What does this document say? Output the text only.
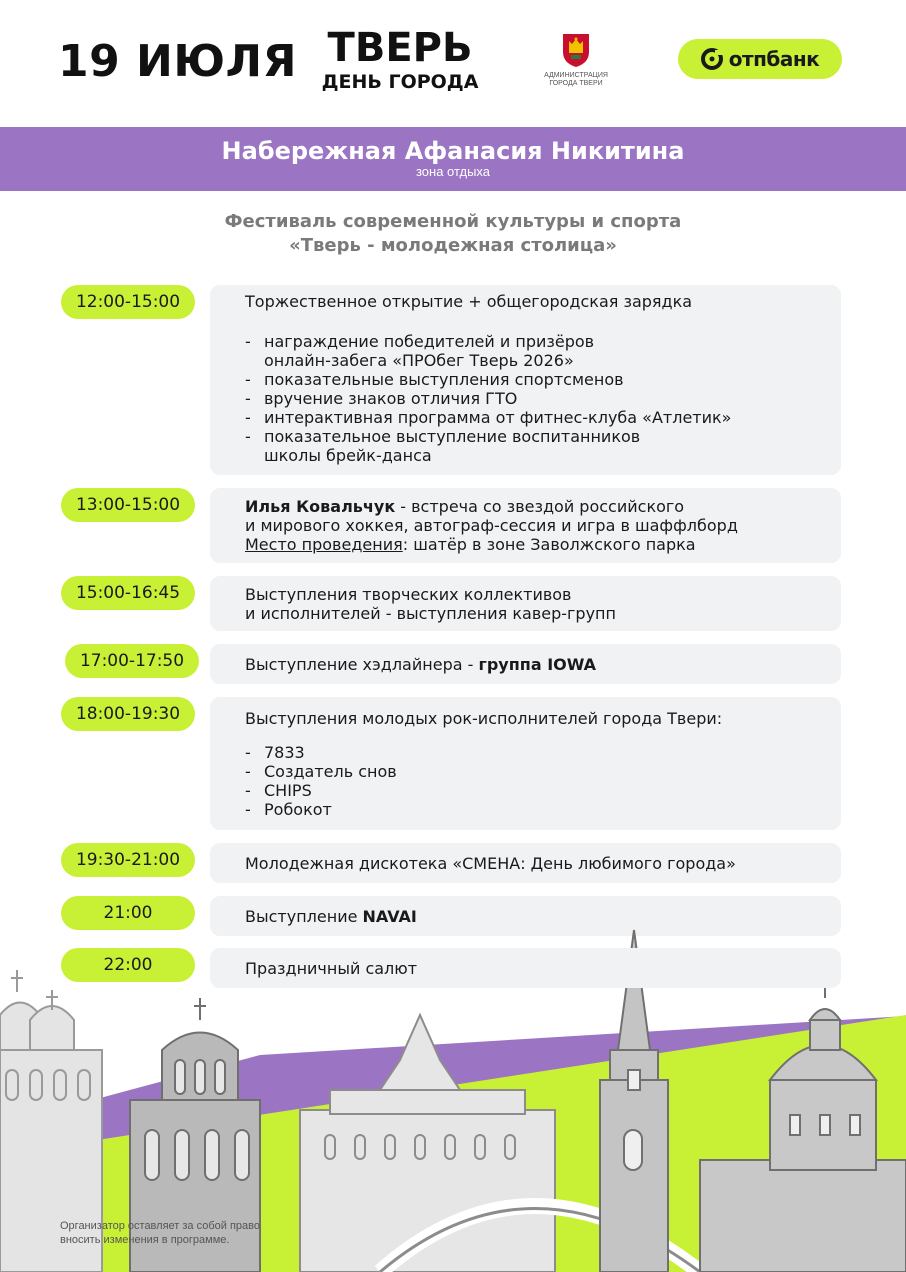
19 ИЮЛЯ ТВЕРЬ
ДЕНЬ ГОРОДА	АДМИНИСТРАЦИЯ
ГОРОДА ТВЕРИ
отпбанк
Набережная Афанасия Никитина
зона отдыха
Фестиваль современной культуры и спорта
«Тверь - молодежная столица»
12:00-15:00	Торжественное открытие + общегородская зарядка
- награждение победителей и призёров
онлайн-забега «ПРОбег Тверь 2026»
- показательные выступления спортсменов
- вручение знаков отличия ГТО
- интерактивная программа от фитнес-клуба «Атлетик»
- показательное выступление воспитанников
школы брейк-данса
13:00-15:00	Илья Ковальчук - встреча со звездой российского
и мирового хоккея, автограф-сессия и игра в шаффлборд
Место проведения: шатёр в зоне Заволжского парка
15:00-16:45	Выступления творческих коллективов
и исполнителей - выступления кавер-групп
17:00-17:50	Выступление хэдлайнера - группа IOWA
18:00-19:30	Выступления молодых рок-исполнителей города Твери:
- 7833
- Создатель снов
- CHIPS
- Робокот
19:30-21:00	Молодежная дискотека «СМЕНА: День любимого города»
21:00	Выступление NAVAI
22:00	Праздничный салют
Организатор оставляет за собой право
вносить изменения в программе.
